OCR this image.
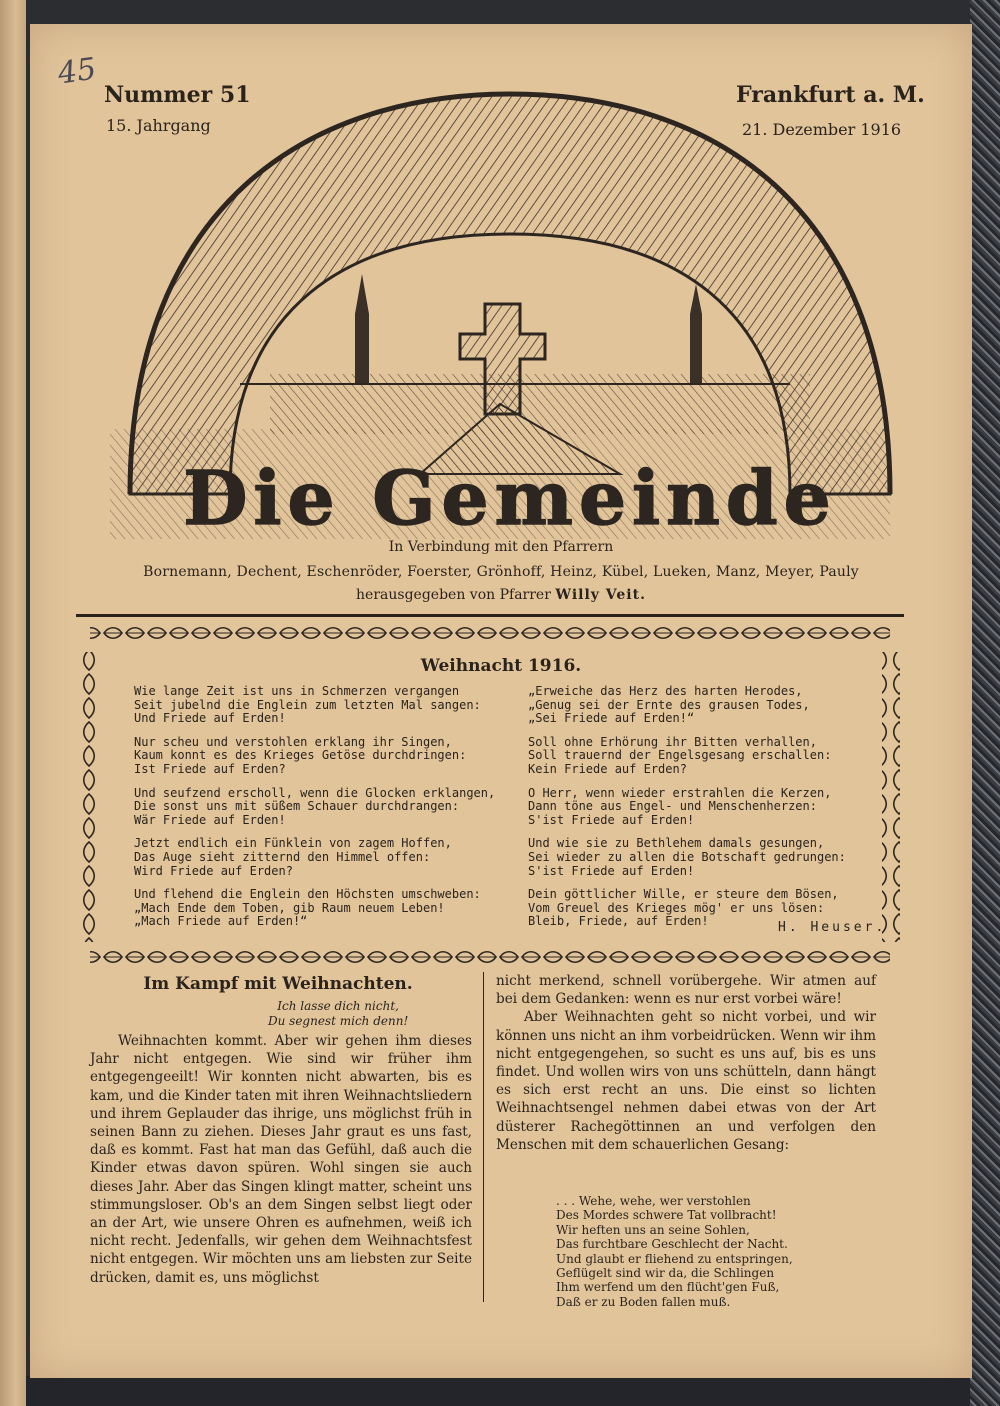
45
Nummer 51
15. Jahrgang
Frankfurt a. M.
21. Dezember 1916
Die Gemeinde
In Verbindung mit den Pfarrern
Bornemann, Dechent, Eschenröder, Foerster, Grönhoff, Heinz, Kübel, Lueken, Manz, Meyer, Pauly
herausgegeben von Pfarrer Willy Veit.
Weihnacht 1916.
Wie lange Zeit ist uns in Schmerzen vergangen
Seit jubelnd die Englein zum letzten Mal sangen:
Und Friede auf Erden!
Nur scheu und verstohlen erklang ihr Singen,
Kaum konnt es des Krieges Getöse durchdringen:
Ist Friede auf Erden?
Und seufzend erscholl, wenn die Glocken erklangen,
Die sonst uns mit süßem Schauer durchdrangen:
Wär Friede auf Erden!
Jetzt endlich ein Fünklein von zagem Hoffen,
Das Auge sieht zitternd den Himmel offen:
Wird Friede auf Erden?
Und flehend die Englein den Höchsten umschweben:
„Mach Ende dem Toben, gib Raum neuem Leben!
„Mach Friede auf Erden!“
„Erweiche das Herz des harten Herodes,
„Genug sei der Ernte des grausen Todes,
„Sei Friede auf Erden!“
Soll ohne Erhörung ihr Bitten verhallen,
Soll trauernd der Engelsgesang erschallen:
Kein Friede auf Erden?
O Herr, wenn wieder erstrahlen die Kerzen,
Dann töne aus Engel- und Menschenherzen:
S'ist Friede auf Erden!
Und wie sie zu Bethlehem damals gesungen,
Sei wieder zu allen die Botschaft gedrungen:
S'ist Friede auf Erden!
Dein göttlicher Wille, er steure dem Bösen,
Vom Greuel des Krieges mög' er uns lösen:
Bleib, Friede, auf Erden!	H. Heuser.
Im Kampf mit Weihnachten.
Ich lasse dich nicht,
Du segnest mich denn!

Weihnachten kommt. Aber wir gehen ihm dieses Jahr nicht entgegen. Wie sind wir früher ihm entgegengeeilt! Wir konnten nicht abwarten, bis es kam, und die Kinder taten mit ihren Weihnachtsliedern und ihrem Geplauder das ihrige, uns möglichst früh in seinen Bann zu ziehen. Dieses Jahr graut es uns fast, daß es kommt. Fast hat man das Gefühl, daß auch die Kinder etwas davon spüren. Wohl singen sie auch dieses Jahr. Aber das Singen klingt matter, scheint uns stimmungsloser. Ob's an dem Singen selbst liegt oder an der Art, wie unsere Ohren es aufnehmen, weiß ich nicht recht. Jedenfalls, wir gehen dem Weihnachtsfest nicht entgegen. Wir möchten uns am liebsten zur Seite drücken, damit es, uns möglichst

nicht merkend, schnell vorübergehe. Wir atmen auf bei dem Gedanken: wenn es nur erst vorbei wäre!

Aber Weihnachten geht so nicht vorbei, und wir können uns nicht an ihm vorbeidrücken. Wenn wir ihm nicht entgegengehen, so sucht es uns auf, bis es uns findet. Und wollen wirs von uns schütteln, dann hängt es sich erst recht an uns. Die einst so lichten Weihnachtsengel nehmen dabei etwas von der Art düsterer Rachegöttinnen an und verfolgen den Menschen mit dem schauerlichen Gesang:

. . . Wehe, wehe, wer verstohlen
Des Mordes schwere Tat vollbracht!
Wir heften uns an seine Sohlen,
Das furchtbare Geschlecht der Nacht.
Und glaubt er fliehend zu entspringen,
Geflügelt sind wir da, die Schlingen
Ihm werfend um den flücht'gen Fuß,
Daß er zu Boden fallen muß.
